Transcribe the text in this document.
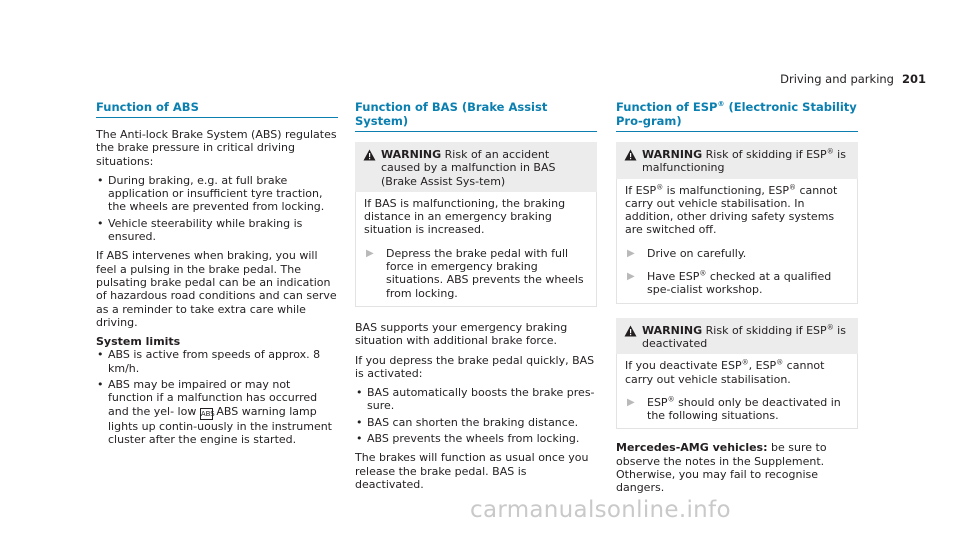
Driving and parking 201
Function of ABS

The Anti-lock Brake System (ABS) regulates the brake pressure in critical driving situations:

• During braking, e.g. at full brake application or insufficient tyre traction, the wheels are prevented from locking.
• Vehicle steerability while braking is ensured.

If ABS intervenes when braking, you will feel a pulsing in the brake pedal. The pulsating brake pedal can be an indication of hazardous road conditions and can serve as a reminder to take extra care while driving.

System limits
• ABS is active from speeds of approx. 8 km/h.
• ABS may be impaired or may not function if a malfunction has occurred and the yel- low ABS ABS warning lamp lights up contin-uously in the instrument cluster after the engine is started.
Function of BAS (Brake Assist System)
WARNING Risk of an accident caused by a malfunction in BAS (Brake Assist Sys-tem)
If BAS is malfunctioning, the braking distance in an emergency braking situation is increased.
▶	Depress the brake pedal with full force in emergency braking situations. ABS prevents the wheels from locking.

BAS supports your emergency braking situation with additional brake force.

If you depress the brake pedal quickly, BAS is activated:

• BAS automatically boosts the brake pres-sure.
• BAS can shorten the braking distance.
• ABS prevents the wheels from locking.

The brakes will function as usual once you release the brake pedal. BAS is deactivated.

Function of ESP® (Electronic Stability Pro-gram)
WARNING Risk of skidding if ESP® is malfunctioning
If ESP® is malfunctioning, ESP® cannot carry out vehicle stabilisation. In addition, other driving safety systems are switched off.
▶	Drive on carefully.
▶	Have ESP® checked at a qualified spe-cialist workshop.
WARNING Risk of skidding if ESP® is deactivated
If you deactivate ESP®, ESP® cannot carry out vehicle stabilisation.
▶	ESP® should only be deactivated in the following situations.

Mercedes-AMG vehicles: be sure to observe the notes in the Supplement. Otherwise, you may fail to recognise dangers.

carmanualsonline.info
